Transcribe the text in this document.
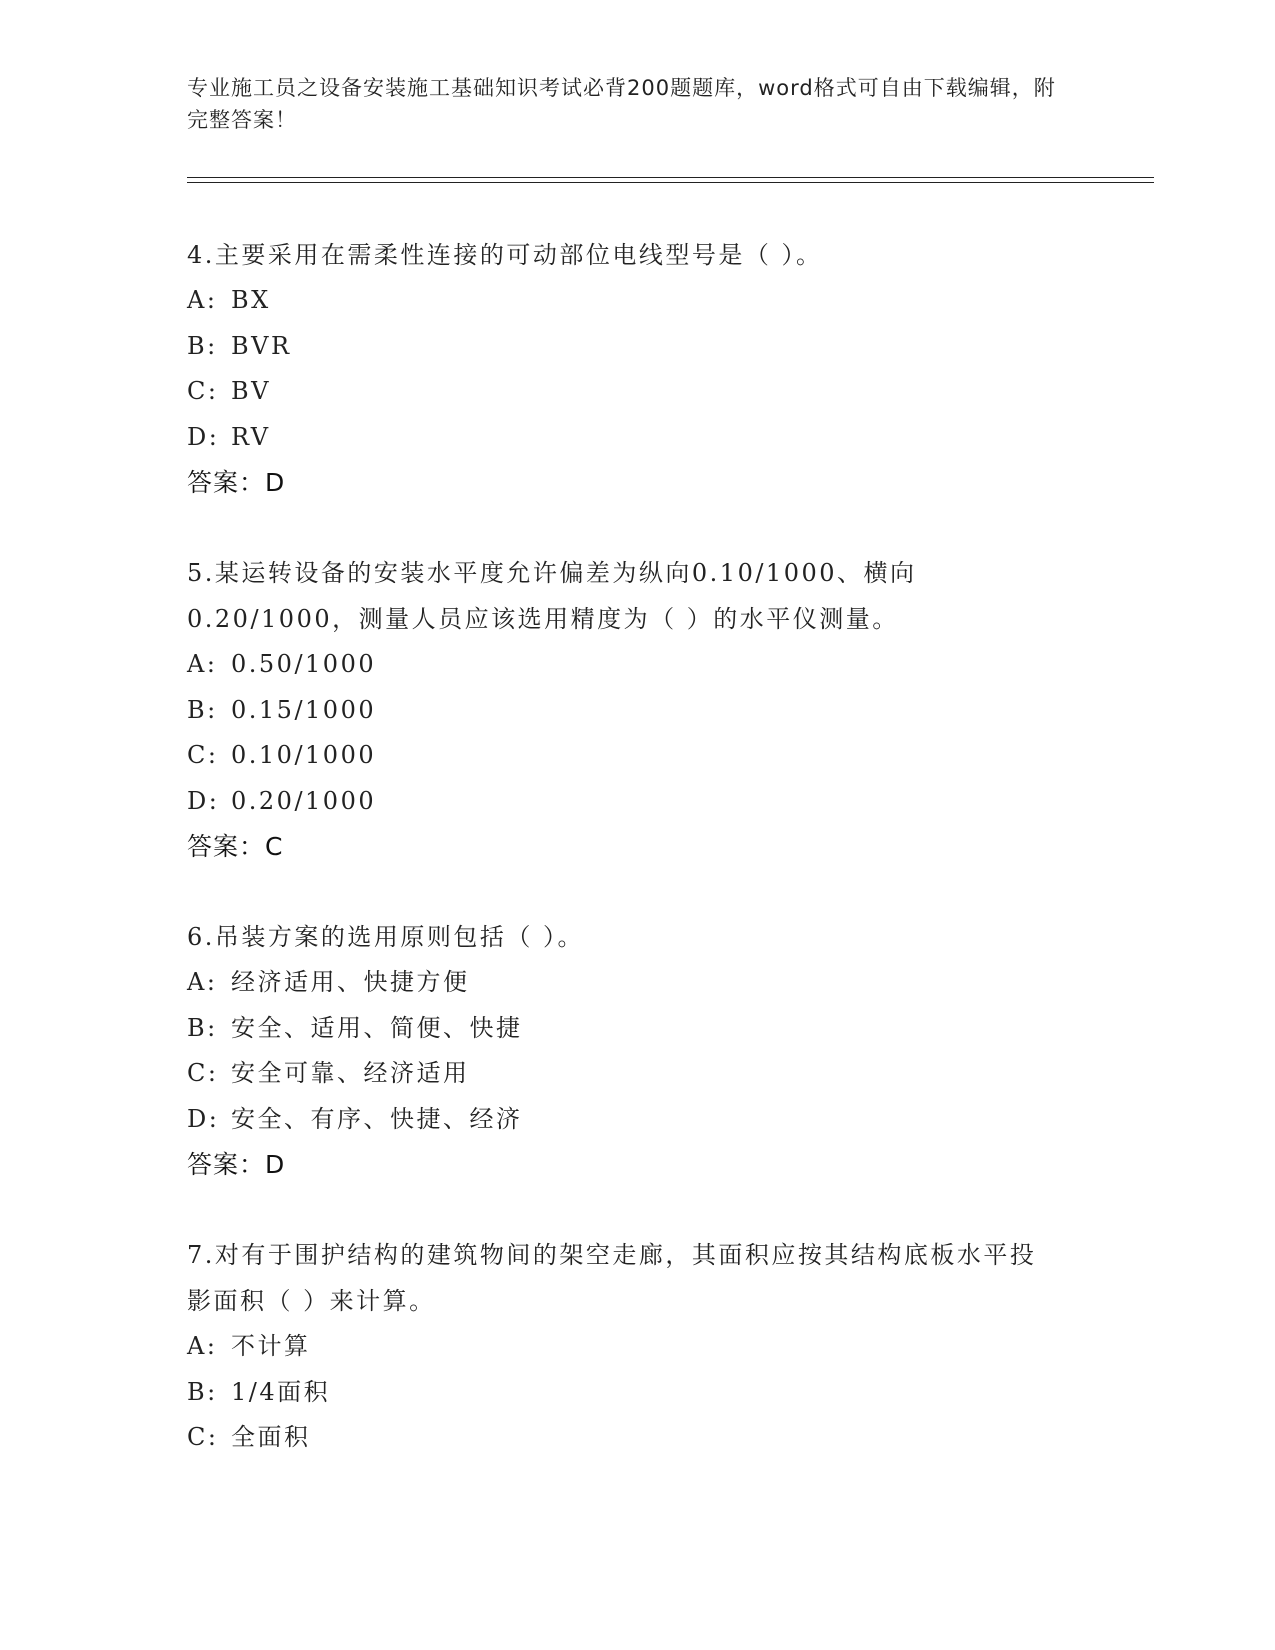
专业施工员之设备安装施工基础知识考试必背200题题库，word格式可自由下载编辑，附完整答案！
4.主要采用在需柔性连接的可动部位电线型号是（ ）。
A: BX
B: BVR
C: BV
D: RV
答案：D
5.某运转设备的安装水平度允许偏差为纵向0.10/1000、横向0.20/1000，测量人员应该选用精度为（ ）的水平仪测量。
A: 0.50/1000
B: 0.15/1000
C: 0.10/1000
D: 0.20/1000
答案：C
6.吊装方案的选用原则包括（ ）。
A: 经济适用、快捷方便
B: 安全、适用、简便、快捷
C: 安全可靠、经济适用
D: 安全、有序、快捷、经济
答案：D
7.对有于围护结构的建筑物间的架空走廊，其面积应按其结构底板水平投影面积（ ）来计算。
A: 不计算
B: 1/4面积
C: 全面积
